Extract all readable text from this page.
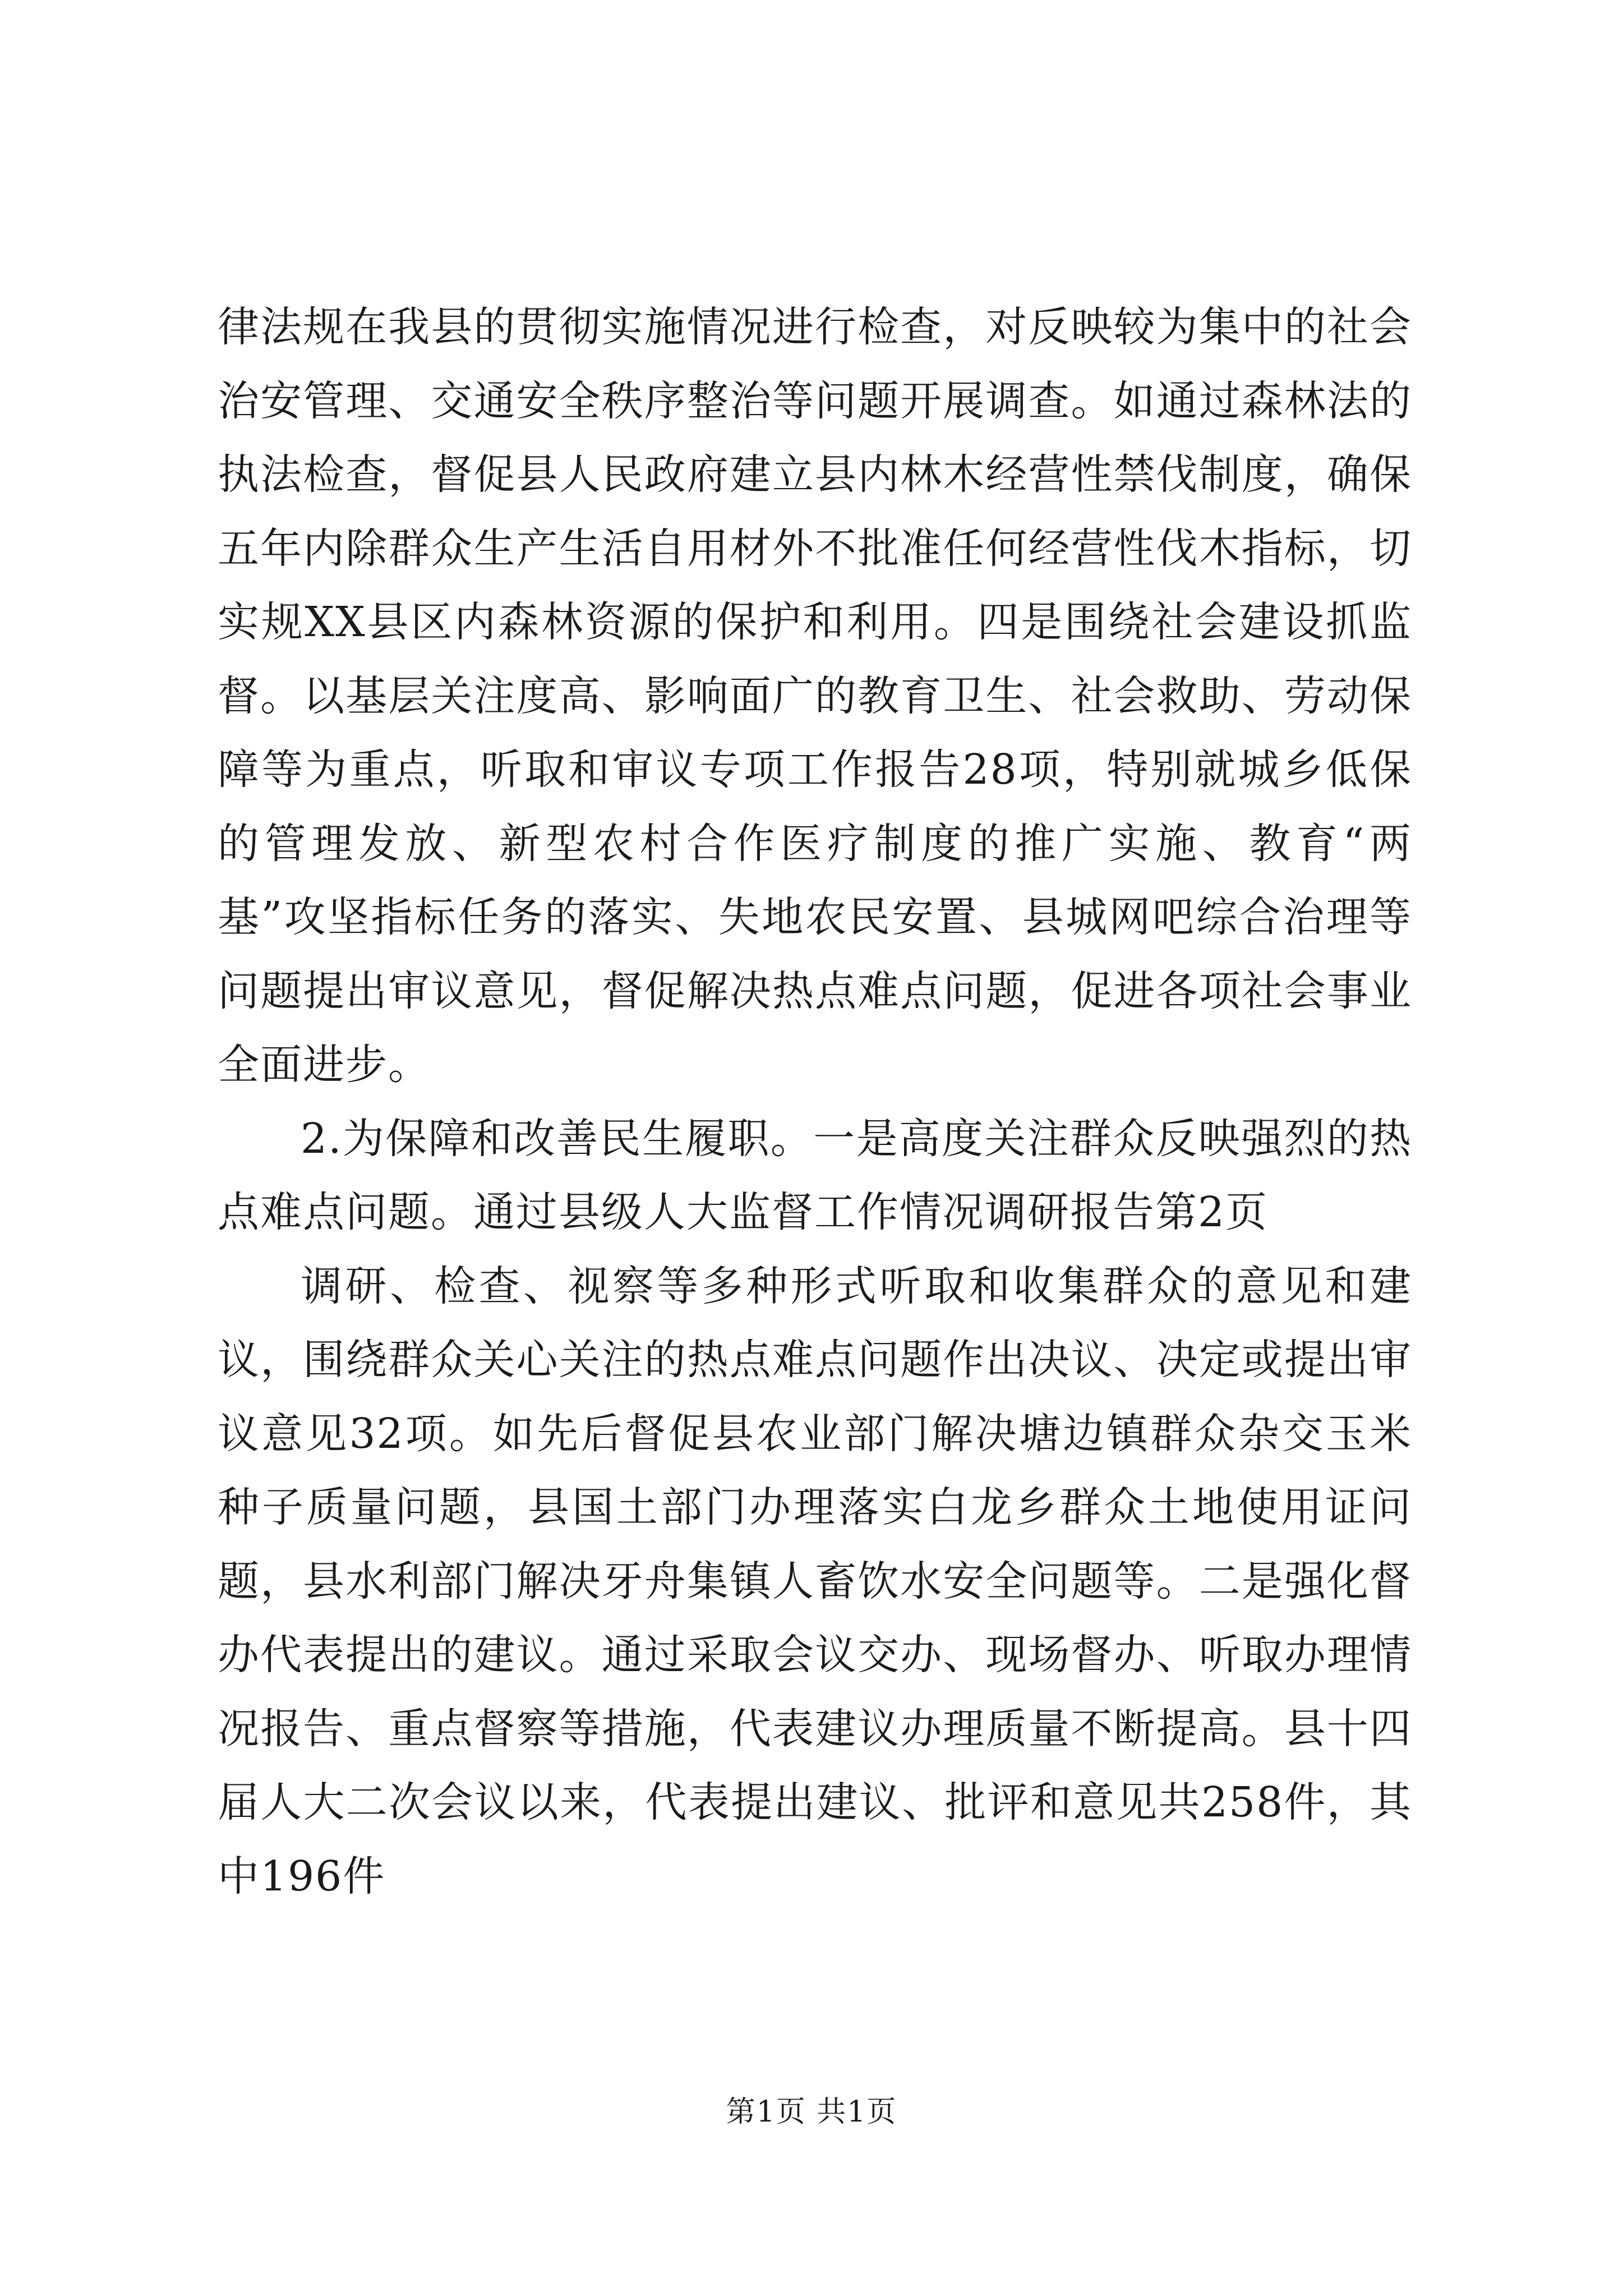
律法规在我县的贯彻实施情况进行检查，对反映较为集中的社会治安管理、交通安全秩序整治等问题开展调查。如通过森林法的执法检查，督促县人民政府建立县内林木经营性禁伐制度，确保五年内除群众生产生活自用材外不批准任何经营性伐木指标，切实规XX县区内森林资源的保护和利用。四是围绕社会建设抓监督。以基层关注度高、影响面广的教育卫生、社会救助、劳动保障等为重点，听取和审议专项工作报告28项，特别就城乡低保的管理发放、新型农村合作医疗制度的推广实施、教育“两基”攻坚指标任务的落实、失地农民安置、县城网吧综合治理等问题提出审议意见，督促解决热点难点问题，促进各项社会事业全面进步。

2.为保障和改善民生履职。一是高度关注群众反映强烈的热点难点问题。通过县级人大监督工作情况调研报告第2页

调研、检查、视察等多种形式听取和收集群众的意见和建议，围绕群众关心关注的热点难点问题作出决议、决定或提出审议意见32项。如先后督促县农业部门解决塘边镇群众杂交玉米种子质量问题，县国土部门办理落实白龙乡群众土地使用证问题，县水利部门解决牙舟集镇人畜饮水安全问题等。二是强化督办代表提出的建议。通过采取会议交办、现场督办、听取办理情况报告、重点督察等措施，代表建议办理质量不断提高。县十四届人大二次会议以来，代表提出建议、批评和意见共258件，其中196件

第1页 共1页
